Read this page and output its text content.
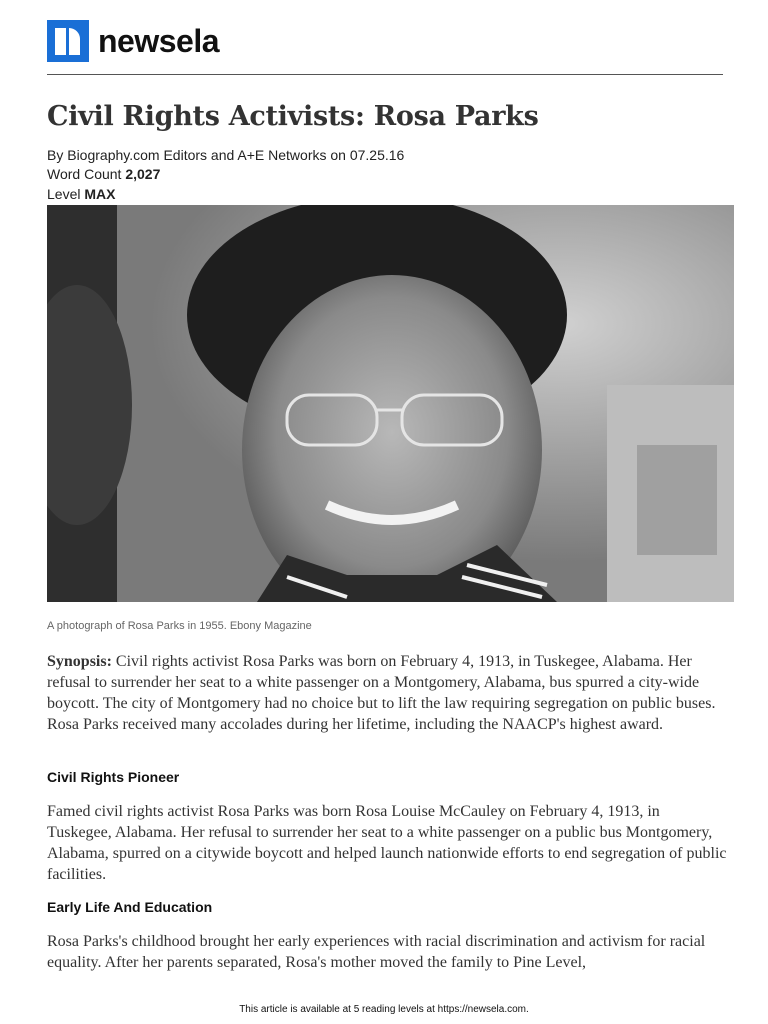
newsela
Civil Rights Activists: Rosa Parks
By Biography.com Editors and A+E Networks on 07.25.16
Word Count 2,027
Level MAX
A photograph of Rosa Parks in 1955. Ebony Magazine

Synopsis: Civil rights activist Rosa Parks was born on February 4, 1913, in Tuskegee, Alabama. Her refusal to surrender her seat to a white passenger on a Montgomery, Alabama, bus spurred a city-wide boycott. The city of Montgomery had no choice but to lift the law requiring segregation on public buses. Rosa Parks received many accolades during her lifetime, including the NAACP's highest award.

Civil Rights Pioneer

Famed civil rights activist Rosa Parks was born Rosa Louise McCauley on February 4, 1913, in Tuskegee, Alabama. Her refusal to surrender her seat to a white passenger on a public bus Montgomery, Alabama, spurred on a citywide boycott and helped launch nationwide efforts to end segregation of public facilities.

Early Life And Education

Rosa Parks's childhood brought her early experiences with racial discrimination and activism for racial equality. After her parents separated, Rosa's mother moved the family to Pine Level,

This article is available at 5 reading levels at https://newsela.com.
